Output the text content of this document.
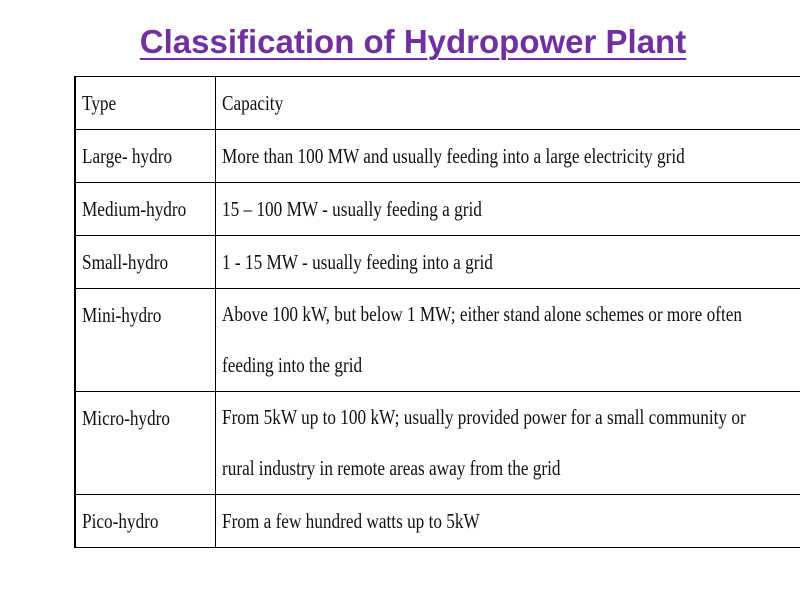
Classification of Hydropower Plant
Type	Capacity
Large- hydro	More than 100 MW and usually feeding into a large electricity grid
Medium-hydro	15 – 100 MW - usually feeding a grid
Small-hydro	1 - 15 MW - usually feeding into a grid
Mini-hydro	Above 100 kW, but below 1 MW; either stand alone schemes or more often
feeding into the grid

Micro-hydro	From 5kW up to 100 kW; usually provided power for a small community or
rural industry in remote areas away from the grid

Pico-hydro	From a few hundred watts up to 5kW
